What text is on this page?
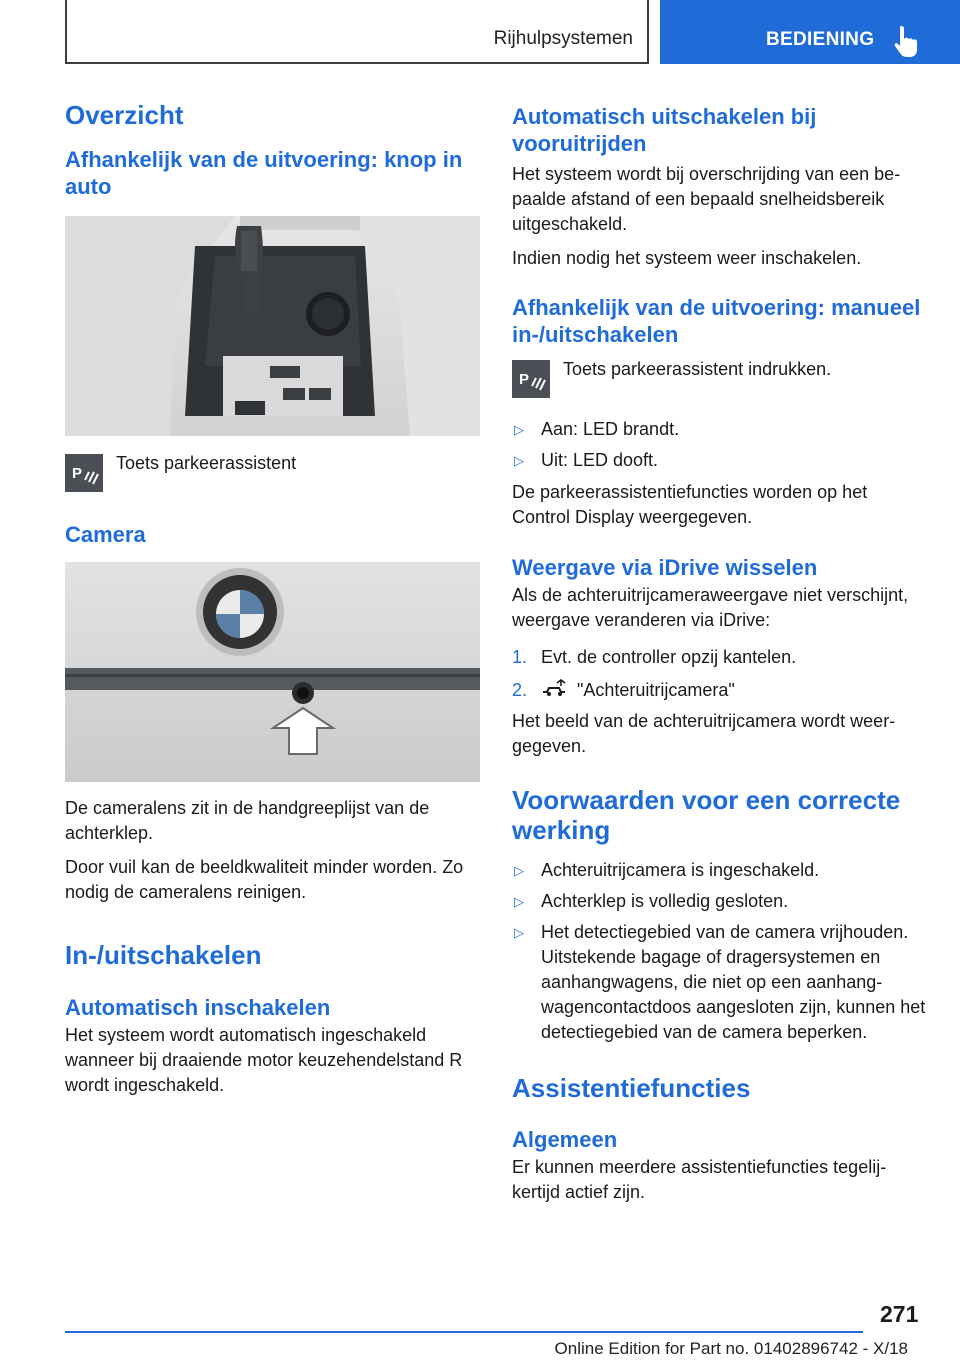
Rijhulpsystemen	BEDIENING
Overzicht
Afhankelijk van de uitvoering: knop in auto
P
Toets parkeerassistent
Camera

De cameralens zit in de handgreeplijst van de achterklep.

Door vuil kan de beeldkwaliteit minder worden. Zo nodig de cameralens reinigen.

In-/uitschakelen
Automatisch inschakelen

Het systeem wordt automatisch ingeschakeld wanneer bij draaiende motor keuzehendelstand R wordt ingeschakeld.

Automatisch uitschakelen bij vooruitrijden

Het systeem wordt bij overschrijding van een bepaalde afstand of een bepaald snelheidsbereik uitgeschakeld.

Indien nodig het systeem weer inschakelen.

Afhankelijk van de uitvoering: manueel in-/uitschakelen
P
Toets parkeerassistent indrukken.
▷ Aan: LED brandt.
▷ Uit: LED dooft.

De parkeerassistentiefuncties worden op het Control Display weergegeven.

Weergave via iDrive wisselen

Als de achteruitrijcameraweergave niet verschijnt, weergave veranderen via iDrive:

1. Evt. de controller opzij kantelen.
2.	"Achteruitrijcamera"

Het beeld van de achteruitrijcamera wordt weergegeven.

Voorwaarden voor een correcte werking
▷ Achteruitrijcamera is ingeschakeld.
▷ Achterklep is volledig gesloten.
▷ Het detectiegebied van de camera vrijhouden. Uitstekende bagage of dragersystemen en aanhangwagens, die niet op een aanhangwagencontactdoos aangesloten zijn, kunnen het detectiegebied van de camera beperken.
Assistentiefuncties
Algemeen

Er kunnen meerdere assistentiefuncties tegelijkertijd actief zijn.

271
Online Edition for Part no. 01402896742 - X/18
